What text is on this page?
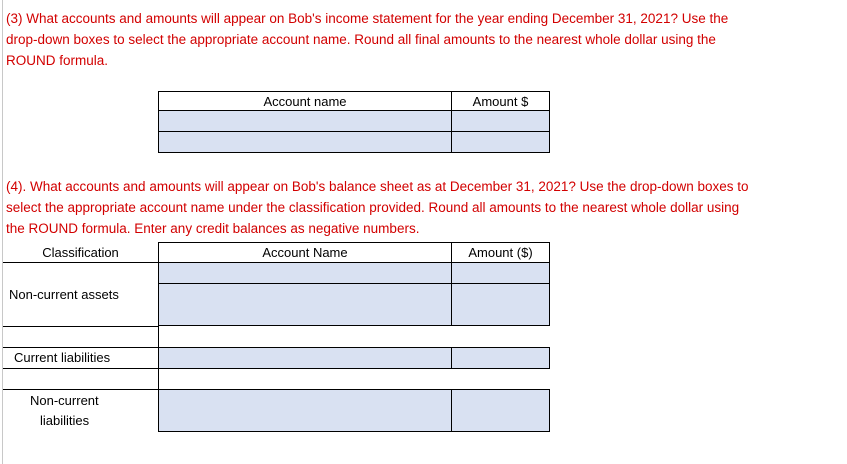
(3) What accounts and amounts will appear on Bob's income statement for the year ending December 31, 2021? Use the
drop-down boxes to select the appropriate account name. Round all final amounts to the nearest whole dollar using the
ROUND formula.
Account name	Amount $
(4). What accounts and amounts will appear on Bob's balance sheet as at December 31, 2021? Use the drop-down boxes to
select the appropriate account name under the classification provided. Round all amounts to the nearest whole dollar using
the ROUND formula. Enter any credit balances as negative numbers.
Classification	Account Name	Amount ($)
Non-current assets
Current liabilities
Non-current
liabilities
